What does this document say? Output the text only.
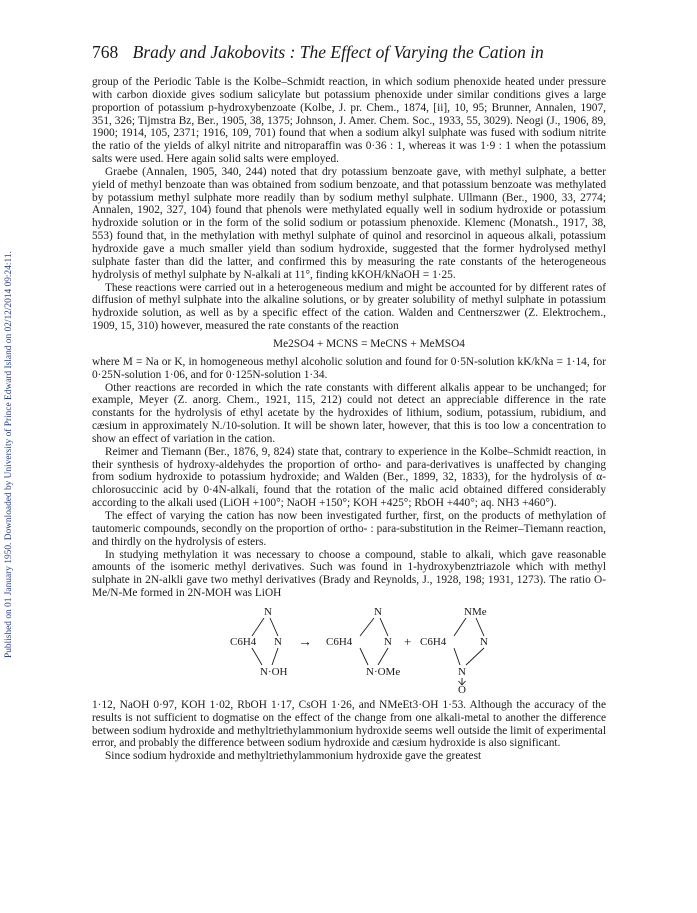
Published on 01 January 1950. Downloaded by University of Prince Edward Island on 02/12/2014 09:24:11.
768 Brady and Jakobovits : The Effect of Varying the Cation in

group of the Periodic Table is the Kolbe–Schmidt reaction, in which sodium phenoxide heated under pressure with carbon dioxide gives sodium salicylate but potassium phenoxide under similar conditions gives a large proportion of potassium p-hydroxybenzoate (Kolbe, J. pr. Chem., 1874, [ii], 10, 95; Brunner, Annalen, 1907, 351, 326; Tijmstra Bz, Ber., 1905, 38, 1375; Johnson, J. Amer. Chem. Soc., 1933, 55, 3029). Neogi (J., 1906, 89, 1900; 1914, 105, 2371; 1916, 109, 701) found that when a sodium alkyl sulphate was fused with sodium nitrite the ratio of the yields of alkyl nitrite and nitroparaffin was 0·36 : 1, whereas it was 1·9 : 1 when the potassium salts were used. Here again solid salts were employed.

Graebe (Annalen, 1905, 340, 244) noted that dry potassium benzoate gave, with methyl sulphate, a better yield of methyl benzoate than was obtained from sodium benzoate, and that potassium benzoate was methylated by potassium methyl sulphate more readily than by sodium methyl sulphate. Ullmann (Ber., 1900, 33, 2774; Annalen, 1902, 327, 104) found that phenols were methylated equally well in sodium hydroxide or potassium hydroxide solution or in the form of the solid sodium or potassium phenoxide. Klemenc (Monatsh., 1917, 38, 553) found that, in the methylation with methyl sulphate of quinol and resorcinol in aqueous alkali, potassium hydroxide gave a much smaller yield than sodium hydroxide, suggested that the former hydrolysed methyl sulphate faster than did the latter, and confirmed this by measuring the rate constants of the heterogeneous hydrolysis of methyl sulphate by N-alkali at 11°, finding kKOH/kNaOH = 1·25.

These reactions were carried out in a heterogeneous medium and might be accounted for by different rates of diffusion of methyl sulphate into the alkaline solutions, or by greater solubility of methyl sulphate in potassium hydroxide solution, as well as by a specific effect of the cation. Walden and Centnerszwer (Z. Elektrochem., 1909, 15, 310) however, measured the rate constants of the reaction

Me2SO4 + MCNS = MeCNS + MeMSO4

where M = Na or K, in homogeneous methyl alcoholic solution and found for 0·5N-solution kK/kNa = 1·14, for 0·25N-solution 1·06, and for 0·125N-solution 1·34.

Other reactions are recorded in which the rate constants with different alkalis appear to be unchanged; for example, Meyer (Z. anorg. Chem., 1921, 115, 212) could not detect an appreciable difference in the rate constants for the hydrolysis of ethyl acetate by the hydroxides of lithium, sodium, potassium, rubidium, and cæsium in approximately N./10-solution. It will be shown later, however, that this is too low a concentration to show an effect of variation in the cation.

Reimer and Tiemann (Ber., 1876, 9, 824) state that, contrary to experience in the Kolbe–Schmidt reaction, in their synthesis of hydroxy-aldehydes the proportion of ortho- and para-derivatives is unaffected by changing from sodium hydroxide to potassium hydroxide; and Walden (Ber., 1899, 32, 1833), for the hydrolysis of α-chlorosuccinic acid by 0·4N-alkali, found that the rotation of the malic acid obtained differed considerably according to the alkali used (LiOH +100°; NaOH +150°; KOH +425°; RbOH +440°; aq. NH3 +460°).

The effect of varying the cation has now been investigated further, first, on the products of methylation of tautomeric compounds, secondly on the proportion of ortho- : para-substitution in the Reimer–Tiemann reaction, and thirdly on the hydrolysis of esters.

In studying methylation it was necessary to choose a compound, stable to alkali, which gave reasonable amounts of the isomeric methyl derivatives. Such was found in 1-hydroxybenztriazole which with methyl sulphate in 2N-alkli gave two methyl derivatives (Brady and Reynolds, J., 1928, 198; 1931, 1273). The ratio O-Me/N-Me formed in 2N-MOH was LiOH

N
C6H4 N
N·OH
→
N
C6H4	N
N·OMe
+
NMe
C6H4	N
N
O

1·12, NaOH 0·97, KOH 1·02, RbOH 1·17, CsOH 1·26, and NMeEt3·OH 1·53. Although the accuracy of the results is not sufficient to dogmatise on the effect of the change from one alkali-metal to another the difference between sodium hydroxide and methyltriethylammonium hydroxide seems well outside the limit of experimental error, and probably the difference between sodium hydroxide and cæsium hydroxide is also significant.

Since sodium hydroxide and methyltriethylammonium hydroxide gave the greatest
